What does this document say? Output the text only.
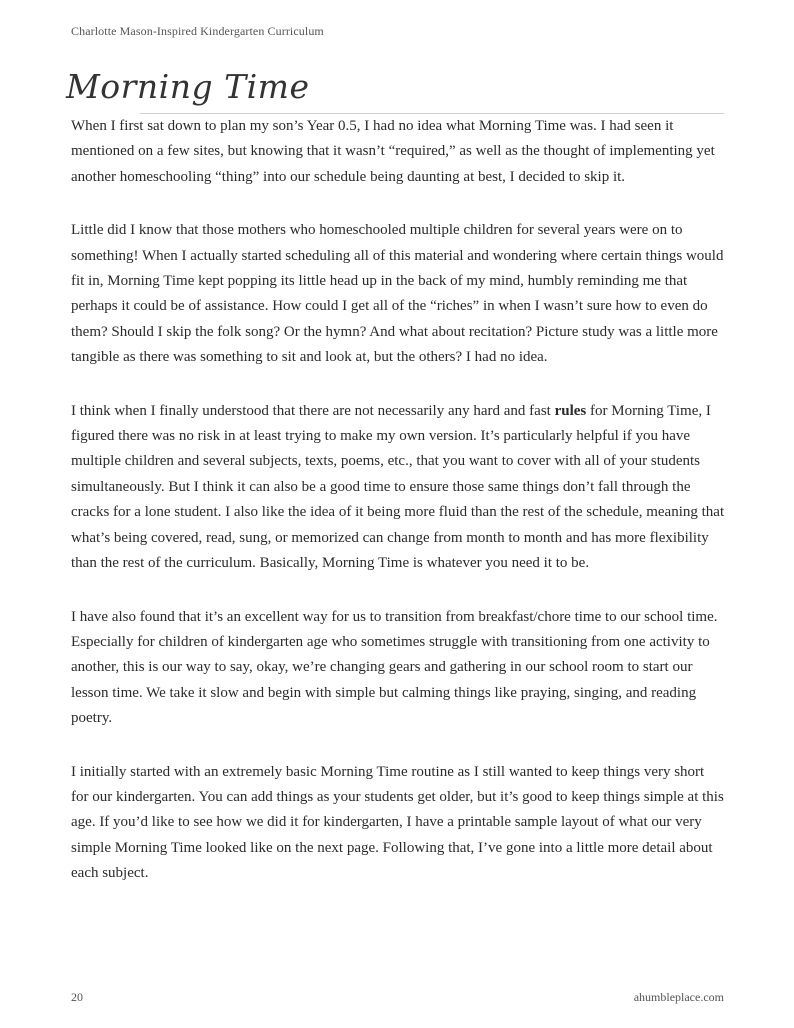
Charlotte Mason-Inspired Kindergarten Curriculum
Morning Time

When I first sat down to plan my son’s Year 0.5, I had no idea what Morning Time was. I had seen it mentioned on a few sites, but knowing that it wasn’t “required,” as well as the thought of implementing yet another homeschooling “thing” into our schedule being daunting at best, I decided to skip it.

Little did I know that those mothers who homeschooled multiple children for several years were on to something! When I actually started scheduling all of this material and wondering where certain things would fit in, Morning Time kept popping its little head up in the back of my mind, humbly reminding me that perhaps it could be of assistance. How could I get all of the “riches” in when I wasn’t sure how to even do them? Should I skip the folk song? Or the hymn? And what about recitation? Picture study was a little more tangible as there was something to sit and look at, but the others? I had no idea.

I think when I finally understood that there are not necessarily any hard and fast rules for Morning Time, I figured there was no risk in at least trying to make my own version. It’s particularly helpful if you have multiple children and several subjects, texts, poems, etc., that you want to cover with all of your students simultaneously. But I think it can also be a good time to ensure those same things don’t fall through the cracks for a lone student. I also like the idea of it being more fluid than the rest of the schedule, meaning that what’s being covered, read, sung, or memorized can change from month to month and has more flexibility than the rest of the curriculum. Basically, Morning Time is whatever you need it to be.

I have also found that it’s an excellent way for us to transition from breakfast/chore time to our school time. Especially for children of kindergarten age who sometimes struggle with transitioning from one activity to another, this is our way to say, okay, we’re changing gears and gathering in our school room to start our lesson time. We take it slow and begin with simple but calming things like praying, singing, and reading poetry.

I initially started with an extremely basic Morning Time routine as I still wanted to keep things very short for our kindergarten. You can add things as your students get older, but it’s good to keep things simple at this age. If you’d like to see how we did it for kindergarten, I have a printable sample layout of what our very simple Morning Time looked like on the next page. Following that, I’ve gone into a little more detail about each subject.

20	ahumbleplace.com
